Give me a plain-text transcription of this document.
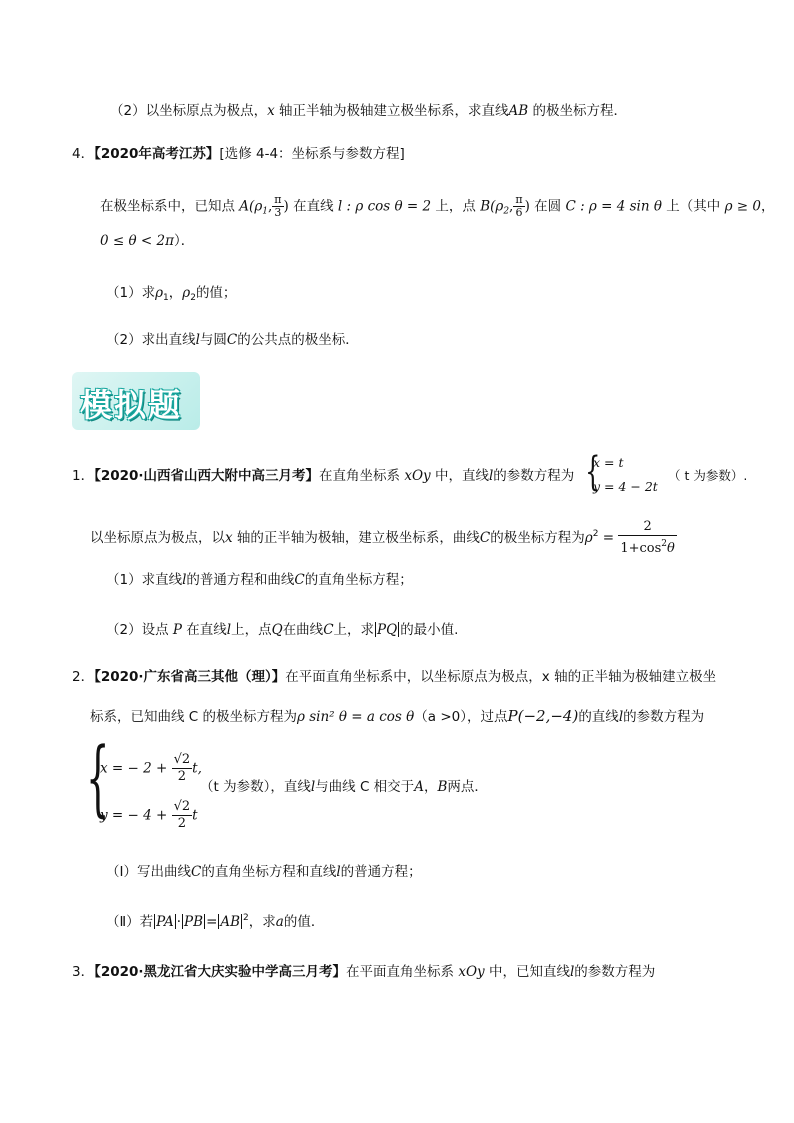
（2）以坐标原点为极点，x 轴正半轴为极轴建立极坐标系，求直线AB 的极坐标方程．
4．【2020年高考江苏】[选修 4-4：坐标系与参数方程]
在极坐标系中，已知点 $A(\rho_1$, $\frac{\pi}{3}$ ) 在直线 l : ρ cos θ = 2 上，点 $B(\rho_2$, $\frac{\pi}{6}$ ) 在圆 C : ρ = 4 sin θ 上（其中 ρ ≥ 0，
0 ≤ θ < 2π）．
（1）求$\rho_1$，$\rho_2$的值；
（2）求出直线l与圆C的公共点的极坐标．
模拟题
1．【2020·山西省山西大附中高三月考】在直角坐标系 xOy 中，直线l的参数方程为 {
x = t
y = 4 − 2t
（ t 为参数）.
以坐标原点为极点，以x 轴的正半轴为极轴，建立极坐标系，曲线C的极坐标方程为$\rho^2 = \frac{2}{1+\cos^2\theta}$
（1）求直线l的普通方程和曲线C的直角坐标方程；
（2）设点 P 在直线l上，点Q在曲线C上，求 PQ 的最小值.
2．【2020·广东省高三其他（理）】在平面直角坐标系中，以坐标原点为极点，x 轴的正半轴为极轴建立极坐
标系，已知曲线 C 的极坐标方程为ρ sin² θ = a cos θ（a >0），过点P(−2,−4)的直线l的参数方程为
{
x = − $2 + \frac{√2}{2} t$,
y = − $4 + \frac{√2}{2}$ t
（t 为参数），直线l与曲线 C 相交于A，B两点．
（Ⅰ）写出曲线C的直角坐标方程和直线l的普通方程；
（Ⅱ）若 PA · PB = AB $^2$，求a的值．
3．【2020·黑龙江省大庆实验中学高三月考】在平面直角坐标系 xOy 中，已知直线l的参数方程为
